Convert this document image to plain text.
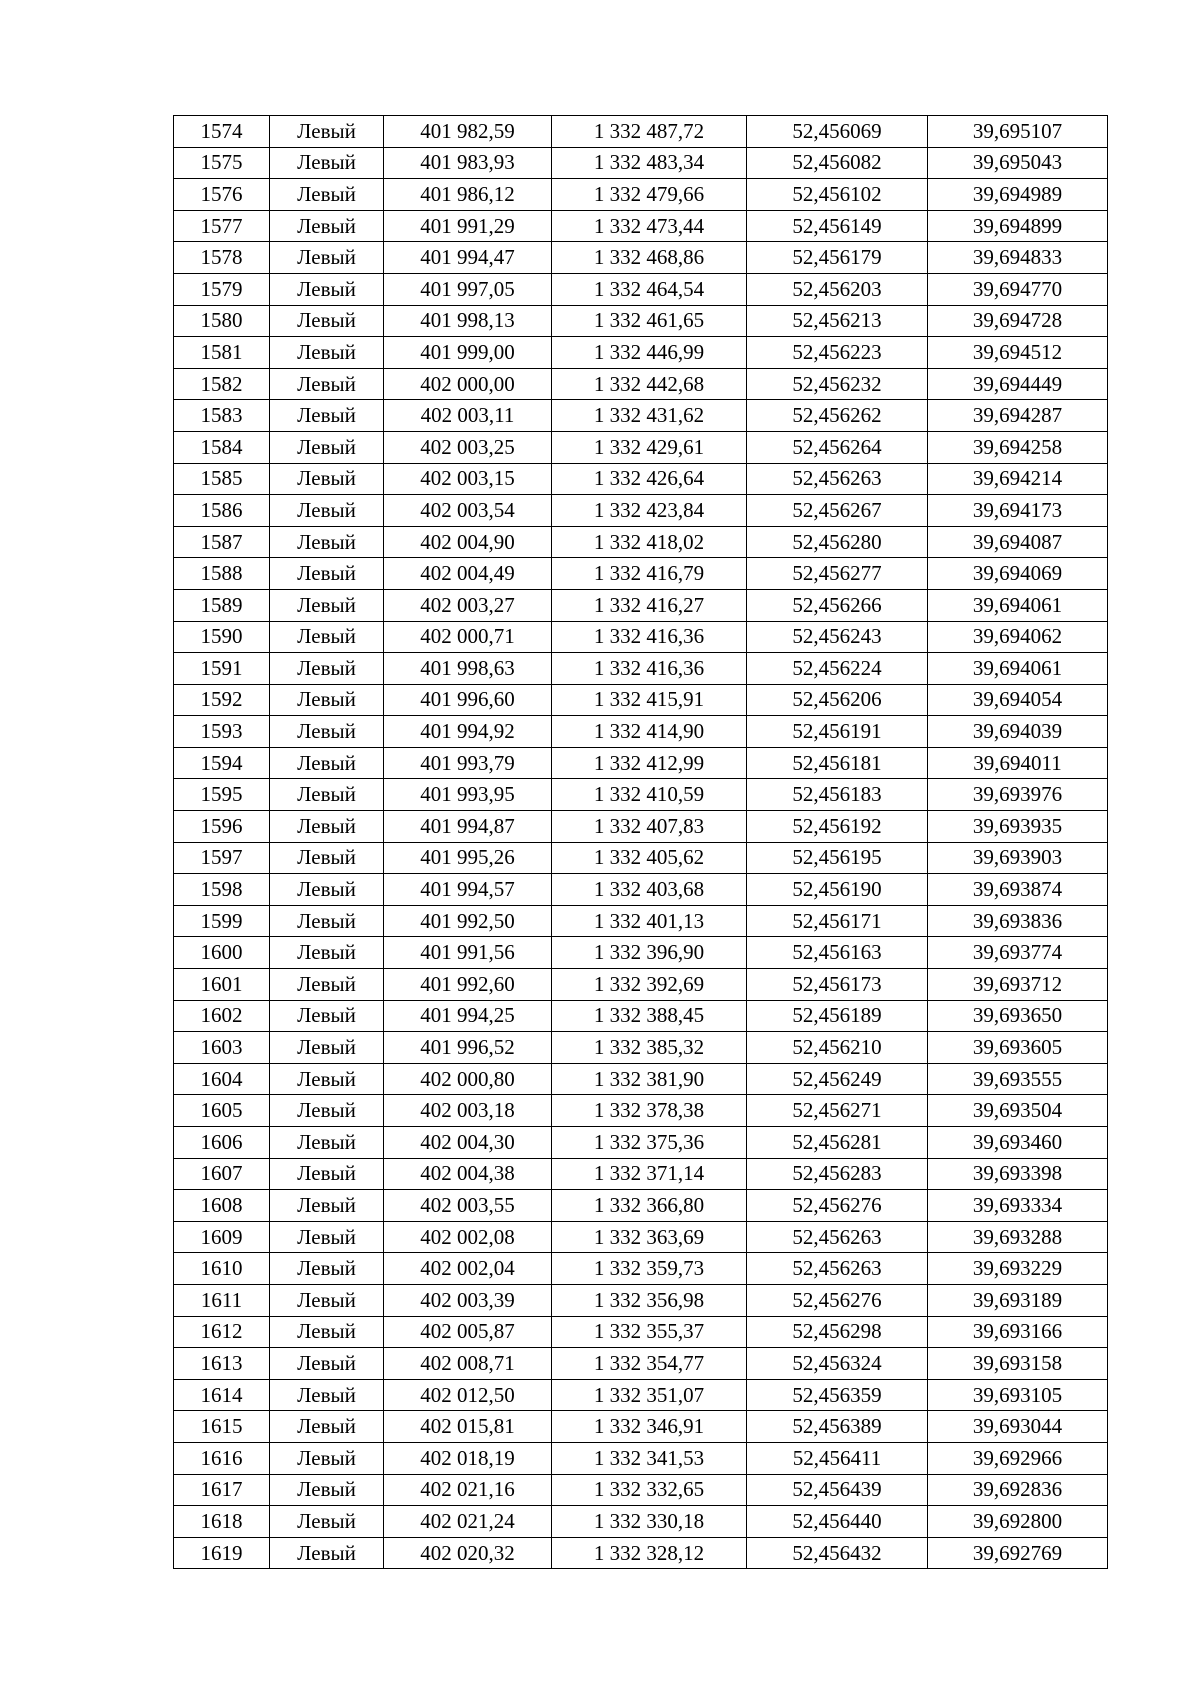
1574	Левый	401 982,59	1 332 487,72	52,456069	39,695107
1575	Левый	401 983,93	1 332 483,34	52,456082	39,695043
1576	Левый	401 986,12	1 332 479,66	52,456102	39,694989
1577	Левый	401 991,29	1 332 473,44	52,456149	39,694899
1578	Левый	401 994,47	1 332 468,86	52,456179	39,694833
1579	Левый	401 997,05	1 332 464,54	52,456203	39,694770
1580	Левый	401 998,13	1 332 461,65	52,456213	39,694728
1581	Левый	401 999,00	1 332 446,99	52,456223	39,694512
1582	Левый	402 000,00	1 332 442,68	52,456232	39,694449
1583	Левый	402 003,11	1 332 431,62	52,456262	39,694287
1584	Левый	402 003,25	1 332 429,61	52,456264	39,694258
1585	Левый	402 003,15	1 332 426,64	52,456263	39,694214
1586	Левый	402 003,54	1 332 423,84	52,456267	39,694173
1587	Левый	402 004,90	1 332 418,02	52,456280	39,694087
1588	Левый	402 004,49	1 332 416,79	52,456277	39,694069
1589	Левый	402 003,27	1 332 416,27	52,456266	39,694061
1590	Левый	402 000,71	1 332 416,36	52,456243	39,694062
1591	Левый	401 998,63	1 332 416,36	52,456224	39,694061
1592	Левый	401 996,60	1 332 415,91	52,456206	39,694054
1593	Левый	401 994,92	1 332 414,90	52,456191	39,694039
1594	Левый	401 993,79	1 332 412,99	52,456181	39,694011
1595	Левый	401 993,95	1 332 410,59	52,456183	39,693976
1596	Левый	401 994,87	1 332 407,83	52,456192	39,693935
1597	Левый	401 995,26	1 332 405,62	52,456195	39,693903
1598	Левый	401 994,57	1 332 403,68	52,456190	39,693874
1599	Левый	401 992,50	1 332 401,13	52,456171	39,693836
1600	Левый	401 991,56	1 332 396,90	52,456163	39,693774
1601	Левый	401 992,60	1 332 392,69	52,456173	39,693712
1602	Левый	401 994,25	1 332 388,45	52,456189	39,693650
1603	Левый	401 996,52	1 332 385,32	52,456210	39,693605
1604	Левый	402 000,80	1 332 381,90	52,456249	39,693555
1605	Левый	402 003,18	1 332 378,38	52,456271	39,693504
1606	Левый	402 004,30	1 332 375,36	52,456281	39,693460
1607	Левый	402 004,38	1 332 371,14	52,456283	39,693398
1608	Левый	402 003,55	1 332 366,80	52,456276	39,693334
1609	Левый	402 002,08	1 332 363,69	52,456263	39,693288
1610	Левый	402 002,04	1 332 359,73	52,456263	39,693229
1611	Левый	402 003,39	1 332 356,98	52,456276	39,693189
1612	Левый	402 005,87	1 332 355,37	52,456298	39,693166
1613	Левый	402 008,71	1 332 354,77	52,456324	39,693158
1614	Левый	402 012,50	1 332 351,07	52,456359	39,693105
1615	Левый	402 015,81	1 332 346,91	52,456389	39,693044
1616	Левый	402 018,19	1 332 341,53	52,456411	39,692966
1617	Левый	402 021,16	1 332 332,65	52,456439	39,692836
1618	Левый	402 021,24	1 332 330,18	52,456440	39,692800
1619	Левый	402 020,32	1 332 328,12	52,456432	39,692769
